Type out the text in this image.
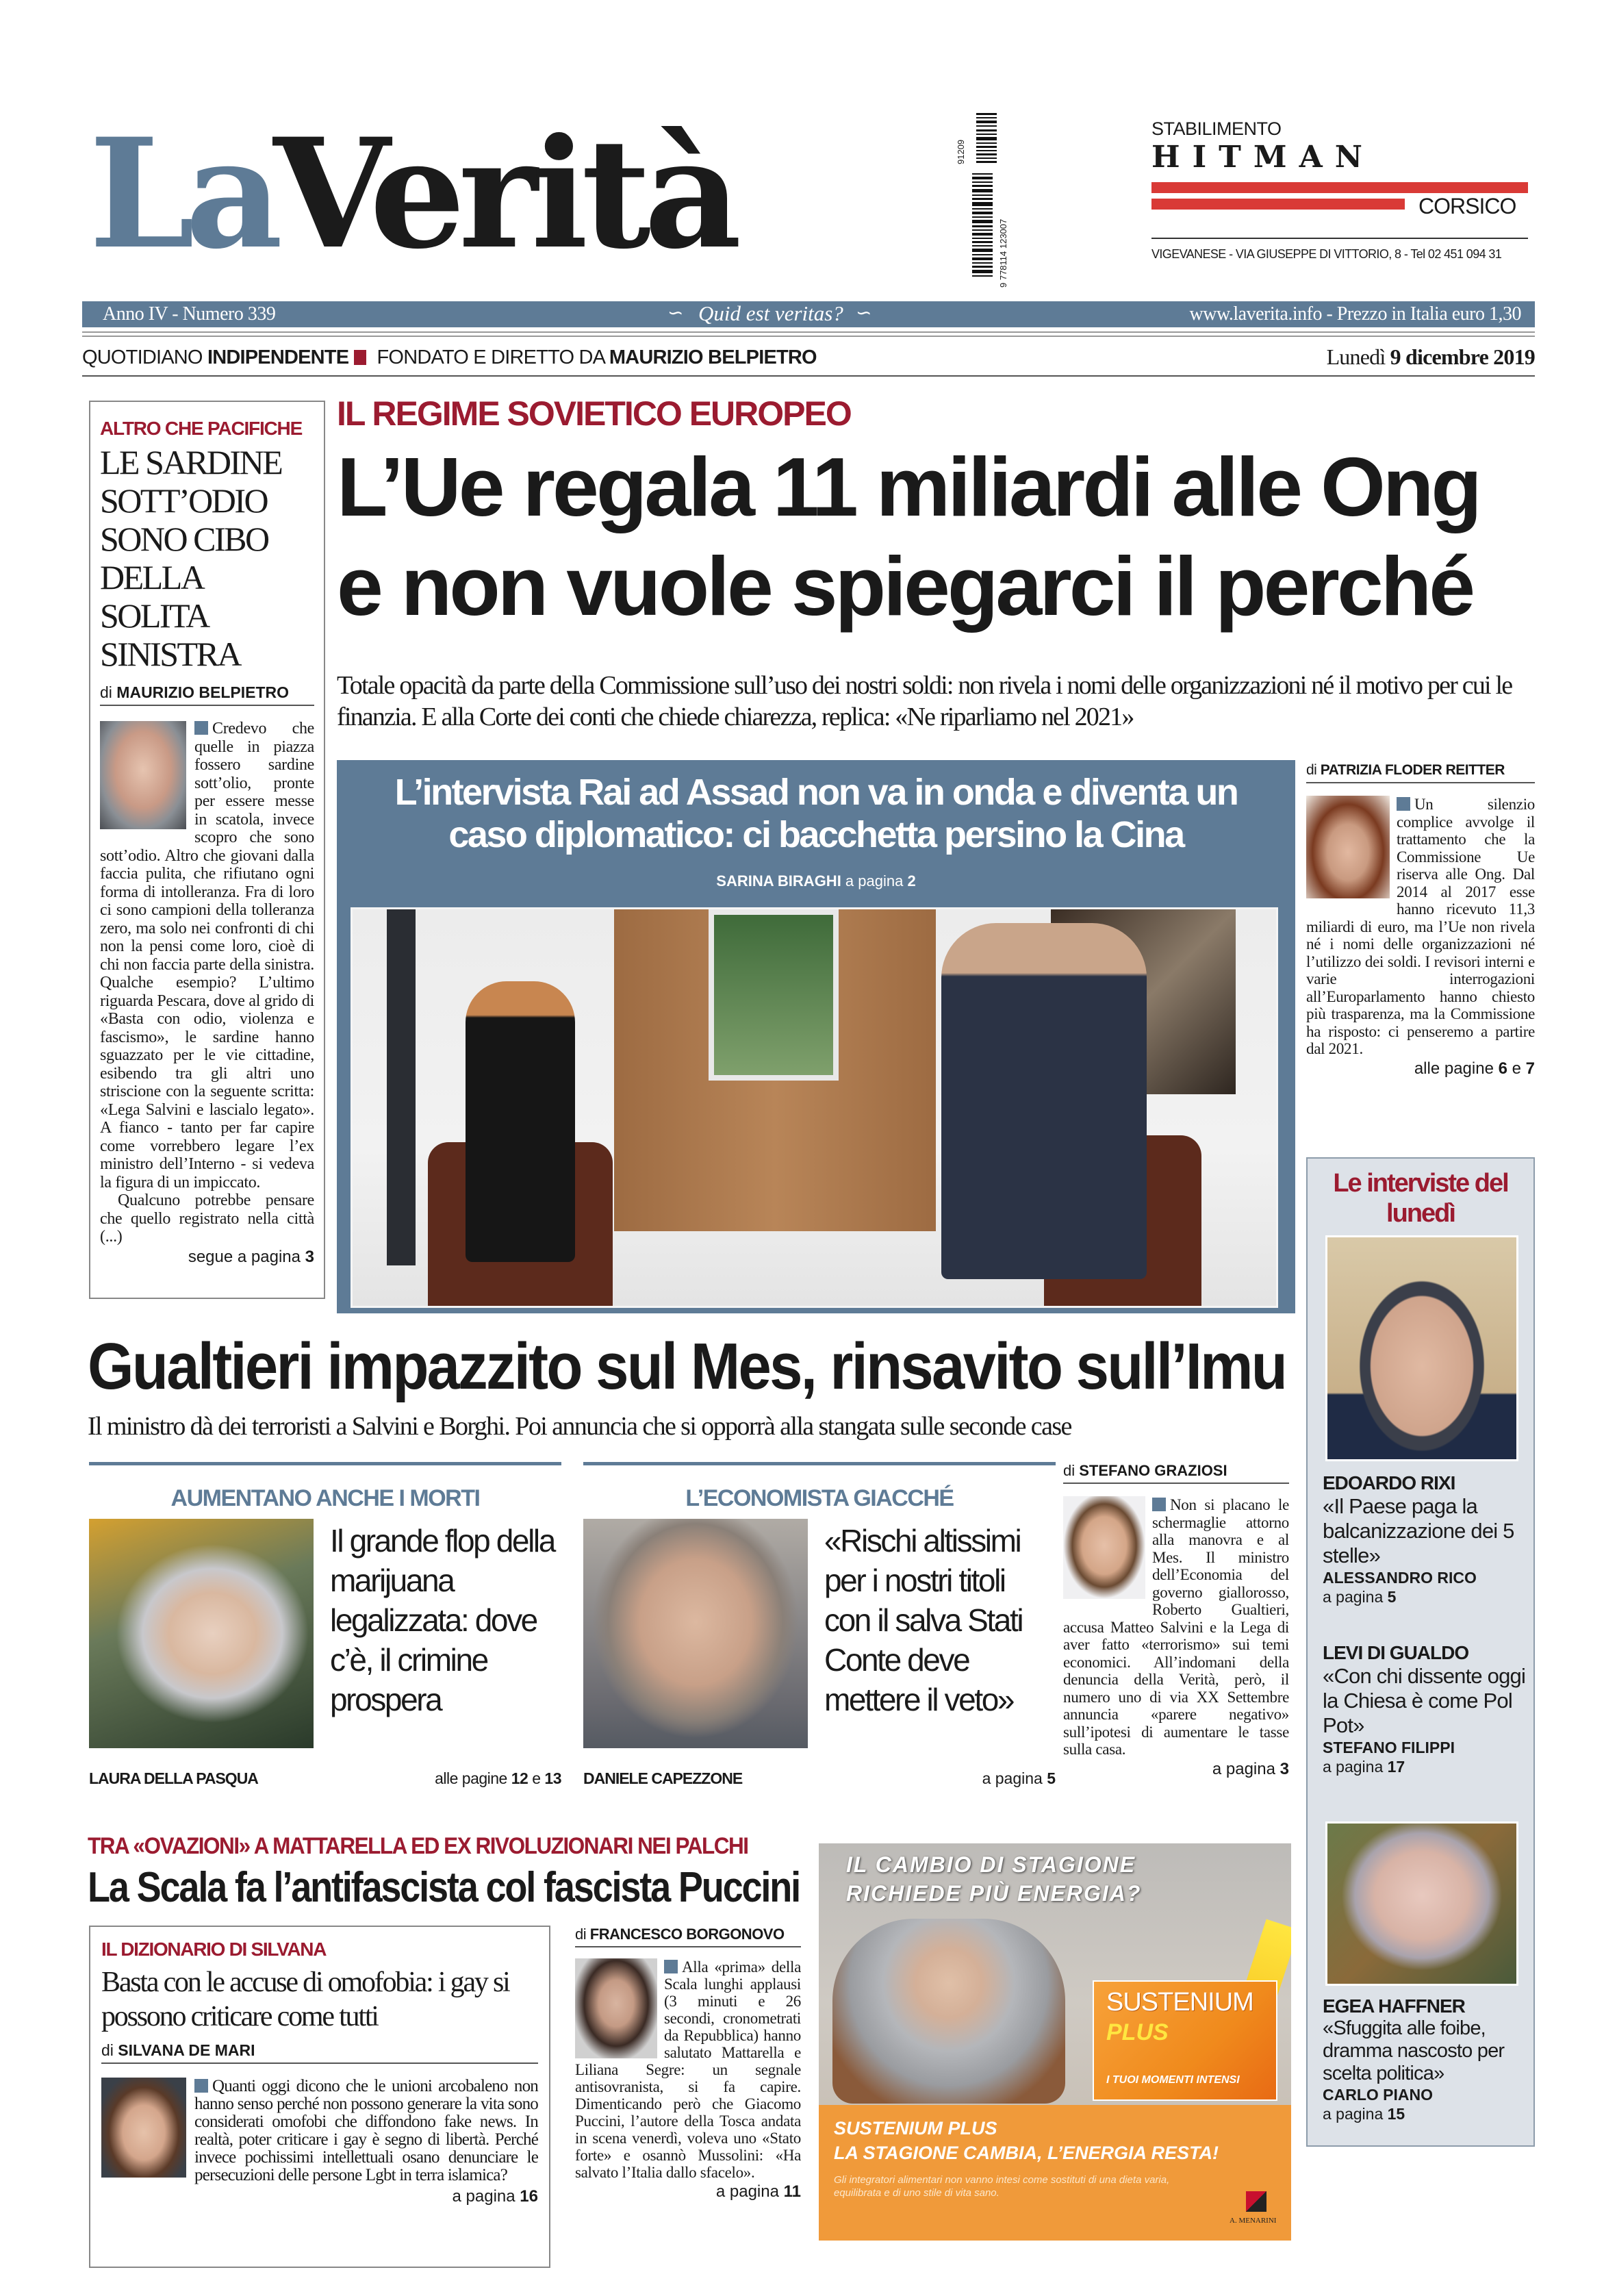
LaVerità	91209
9 778114 123007
STABILIMENTO
HITMAN
CORSICO
VIGEVANESE - VIA GIUSEPPE DI VITTORIO, 8 - Tel 02 451 094 31
Anno IV - Numero 339	∽ Quid est veritas? ∽	www.laverita.info - Prezzo in Italia euro 1,30
QUOTIDIANO INDIPENDENTE FONDATO E DIRETTO DA MAURIZIO BELPIETRO	Lunedì 9 dicembre 2019
ALTRO CHE PACIFICHE
LE SARDINE SOTT’ODIO SONO CIBO DELLA SOLITA SINISTRA
di MAURIZIO BELPIETRO
Credevo che quelle in piazza fossero sardine sott’olio, pronte per essere messe in scatola, invece scopro che sono sott’odio. Altro che giovani dalla faccia pulita, che rifiutano ogni forma di intolleranza. Fra di loro ci sono campioni della tolleranza zero, ma solo nei confronti di chi non la pensi come loro, cioè di chi non faccia parte della sinistra. Qualche esempio? L’ultimo riguarda Pescara, dove al grido di «Basta con odio, violenza e fascismo», le sardine hanno sguazzato per le vie cittadine, esibendo tra gli altri uno striscione con la seguente scritta: «Lega Salvini e lascialo legato». A fianco - tanto per far capire come vorrebbero legare l’ex ministro dell’Interno - si vedeva la figura di un impiccato.
Qualcuno potrebbe pensare che quello registrato nella città (...)
segue a pagina 3
IL REGIME SOVIETICO EUROPEO
L’Ue regala 11 miliardi alle Ong
e non vuole spiegarci il perché
Totale opacità da parte della Commissione sull’uso dei nostri soldi: non rivela i nomi delle organizzazioni né il motivo per cui le finanzia. E alla Corte dei conti che chiede chiarezza, replica: «Ne riparliamo nel 2021»
L’intervista Rai ad Assad non va in onda e diventa un caso diplomatico: ci bacchetta persino la Cina
SARINA BIRAGHI a pagina 2
di PATRIZIA FLODER REITTER
Un silenzio complice avvolge il trattamento che la Commissione Ue riserva alle Ong. Dal 2014 al 2017 esse hanno ricevuto 11,3 miliardi di euro, ma l’Ue non rivela né i nomi delle organizzazioni né l’utilizzo dei soldi. I revisori interni e varie interrogazioni all’Europarlamento hanno chiesto più trasparenza, ma la Commissione ha risposto: ci penseremo a partire dal 2021.
alle pagine 6 e 7
Le interviste del lunedì
EDOARDO RIXI
«Il Paese paga la balcanizzazione dei 5 stelle»
ALESSANDRO RICO
a pagina 5
LEVI DI GUALDO
«Con chi dissente oggi la Chiesa è come Pol Pot»
STEFANO FILIPPI
a pagina 17
EGEA HAFFNER
«Sfuggita alle foibe, dramma nascosto per scelta politica»
CARLO PIANO
a pagina 15
Gualtieri impazzito sul Mes, rinsavito sull’Imu
Il ministro dà dei terroristi a Salvini e Borghi. Poi annuncia che si opporrà alla stangata sulle seconde case
AUMENTANO ANCHE I MORTI
Il grande flop della marijuana legalizzata: dove c’è, il crimine prospera
LAURA DELLA PASQUA	alle pagine 12 e 13
L’ECONOMISTA GIACCHÉ
«Rischi altissimi per i nostri titoli con il salva Stati Conte deve mettere il veto»
DANIELE CAPEZZONE	a pagina 5
di STEFANO GRAZIOSI
Non si placano le schermaglie attorno alla manovra e al Mes. Il ministro dell’Economia del governo giallorosso, Roberto Gualtieri, accusa Matteo Salvini e la Lega di aver fatto «terrorismo» sui temi economici. All’indomani della denuncia della Verità, però, il numero uno di via XX Settembre annuncia «parere negativo» sull’ipotesi di aumentare le tasse sulla casa.
a pagina 3
TRA «OVAZIONI» A MATTARELLA ED EX RIVOLUZIONARI NEI PALCHI
La Scala fa l’antifascista col fascista Puccini
IL DIZIONARIO DI SILVANA
Basta con le accuse di omofobia: i gay si possono criticare come tutti
di SILVANA DE MARI
Quanti oggi dicono che le unioni arcobaleno non hanno senso perché non possono generare la vita sono considerati omofobi che diffondono fake news. In realtà, poter criticare i gay è segno di libertà. Perché invece pochissimi intellettuali osano denunciare le persecuzioni delle persone Lgbt in terra islamica?
a pagina 16
di FRANCESCO BORGONOVO
Alla «prima» della Scala lunghi applausi (3 minuti e 26 secondi, cronometrati da Repubblica) hanno salutato Mattarella e Liliana Segre: un segnale antisovranista, si fa capire. Dimenticando però che Giacomo Puccini, l’autore della Tosca andata in scena venerdì, voleva uno «Stato forte» e osannò Mussolini: «Ha salvato l’Italia dallo sfacelo».
a pagina 11
IL CAMBIO DI STAGIONE
RICHIEDE PIÙ ENERGIA?
SUSTENIUM
PLUS
I TUOI MOMENTI INTENSI
SUSTENIUM PLUS
LA STAGIONE CAMBIA, L’ENERGIA RESTA!
Gli integratori alimentari non vanno intesi come sostituti di una dieta varia, equilibrata e di uno stile di vita sano.
A. MENARINI
